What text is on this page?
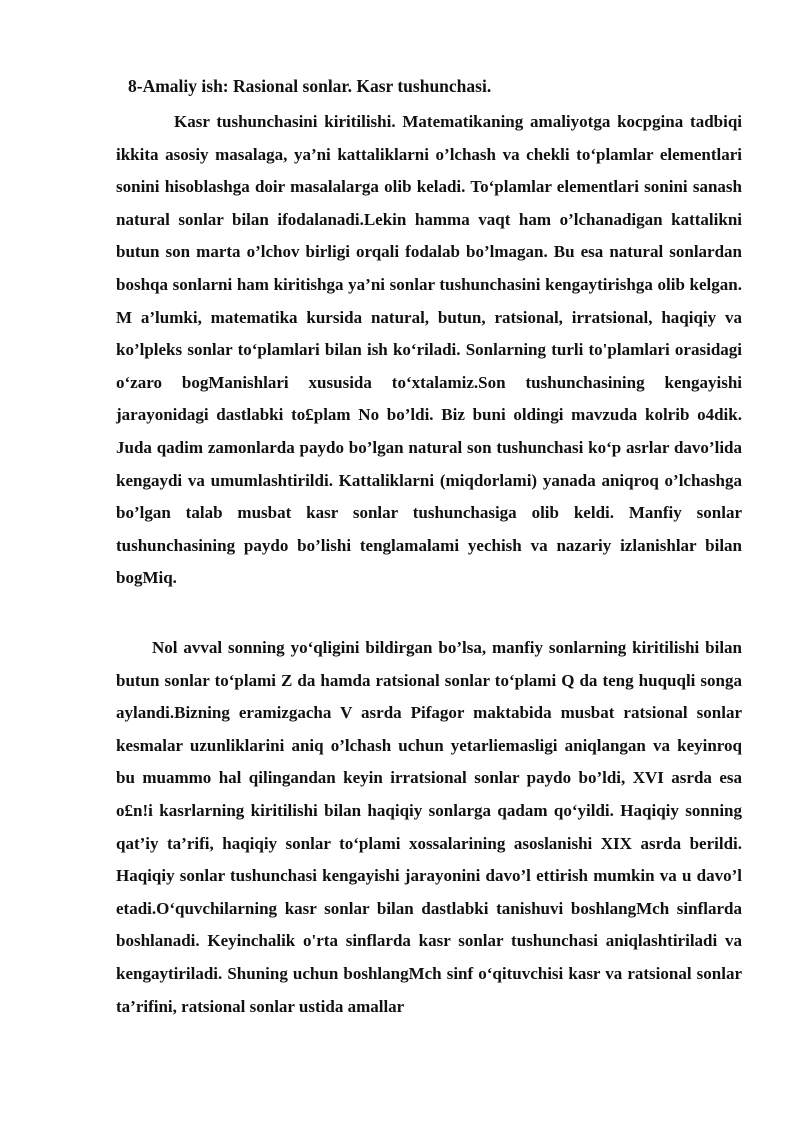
8-Amaliy ish: Rasional sonlar. Kasr tushunchasi.

Kasr tushunchasini kiritilishi. Matematikaning amaliyotga kocpgina tadbiqi ikkita asosiy masalaga, ya’ni kattaliklarni o’lchash va chekli to‘plamlar elementlari sonini hisoblashga doir masalalarga olib keladi. To‘plamlar elementlari sonini sanash natural sonlar bilan ifodalanadi.Lekin hamma vaqt ham o’lchanadigan kattalikni butun son marta o’lchov birligi orqali fodalab bo’lmagan. Bu esa natural sonlardan boshqa sonlarni ham kiritishga ya’ni sonlar tushunchasini kengaytirishga olib kelgan. M a’lumki, matematika kursida natural, butun, ratsional, irratsional, haqiqiy va ko’lpleks sonlar to‘plamlari bilan ish ko‘riladi. Sonlarning turli to'plamlari orasidagi o‘zaro bogManishlari xususida to‘xtalamiz.Son tushunchasining kengayishi jarayonidagi dastlabki to£plam No bo’ldi. Biz buni oldingi mavzuda kolrib o4dik. Juda qadim zamonlarda paydo bo’lgan natural son tushunchasi ko‘p asrlar davo’lida kengaydi va umumlashtirildi. Kattaliklarni (miqdorlami) yanada aniqroq o’lchashga bo’lgan talab musbat kasr sonlar tushunchasiga olib keldi. Manfiy sonlar tushunchasining paydo bo’lishi tenglamalami yechish va nazariy izlanishlar bilan bogMiq.

Nol avval sonning yo‘qligini bildirgan bo’lsa, manfiy sonlarning kiritilishi bilan butun sonlar to‘plami Z da hamda ratsional sonlar to‘plami Q da teng huquqli songa aylandi.Bizning eramizgacha V asrda Pifagor maktabida musbat ratsional sonlar kesmalar uzunliklarini aniq o’lchash uchun yetarliemasligi aniqlangan va keyinroq bu muammo hal qilingandan keyin irratsional sonlar paydo bo’ldi, XVI asrda esa o£n!i kasrlarning kiritilishi bilan haqiqiy sonlarga qadam qo‘yildi. Haqiqiy sonning qat’iy ta’rifi, haqiqiy sonlar to‘plami xossalarining asoslanishi XIX asrda berildi. Haqiqiy sonlar tushunchasi kengayishi jarayonini davo’l ettirish mumkin va u davo’l etadi.O‘quvchilarning kasr sonlar bilan dastlabki tanishuvi boshlangMch sinflarda boshlanadi. Keyinchalik o'rta sinflarda kasr sonlar tushunchasi aniqlashtiriladi va kengaytiriladi. Shuning uchun boshlangMch sinf o‘qituvchisi kasr va ratsional sonlar ta’rifini, ratsional sonlar ustida amallar
